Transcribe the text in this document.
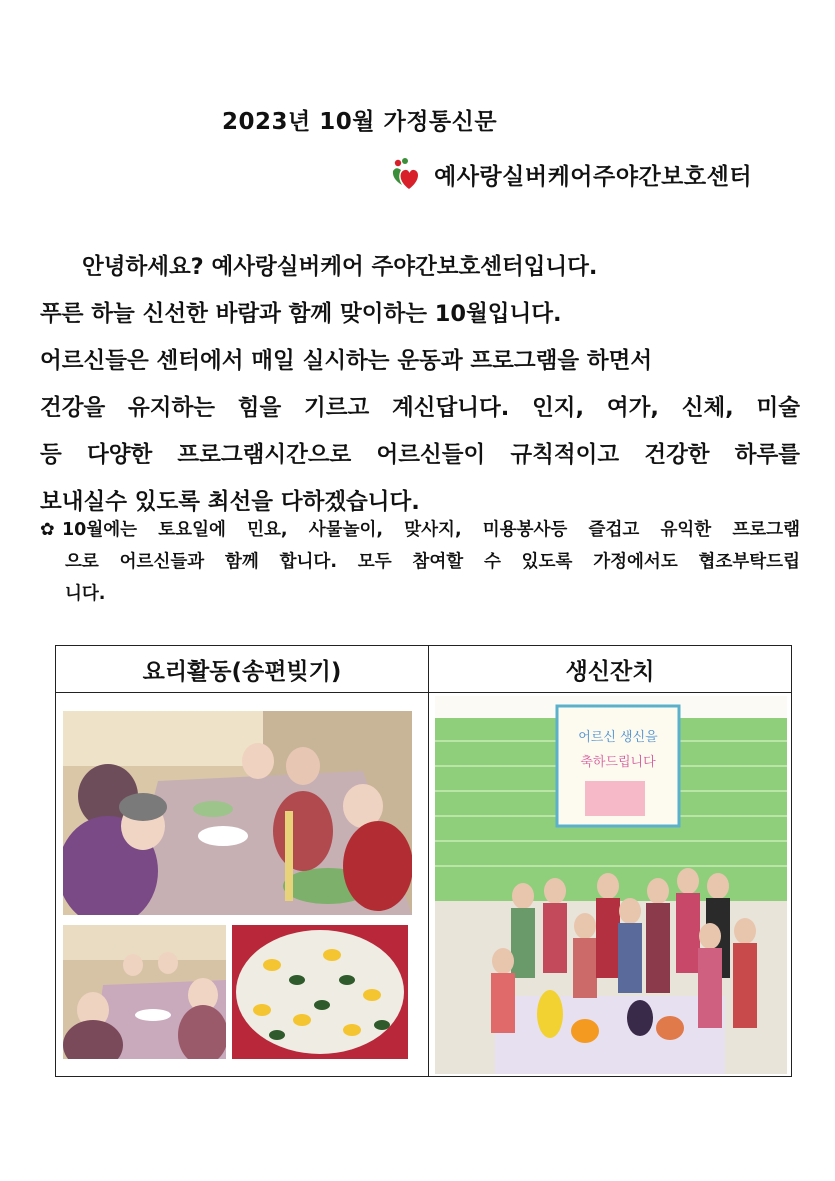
2023년 10월 가정통신문
예사랑실버케어주야간보호센터
안녕하세요? 예사랑실버케어 주야간보호센터입니다.
푸른 하늘 신선한 바람과 함께 맞이하는 10월입니다.
어르신들은 센터에서 매일 실시하는 운동과 프로그램을 하면서
건강을 유지하는 힘을 기르고 계신답니다. 인지, 여가, 신체, 미술
등 다양한 프로그램시간으로 어르신들이 규칙적이고 건강한 하루를
보내실수 있도록 최선을 다하겠습니다.
✿ 10월에는 토요일에 민요, 사물놀이, 맞사지, 미용봉사등 즐겁고 유익한 프로그램
으로 어르신들과 함께 합니다. 모두 참여할 수 있도록 가정에서도 협조부탁드립
니다.
요리활동(송편빚기)	생신잔치

어르신 생신을
축하드립니다
